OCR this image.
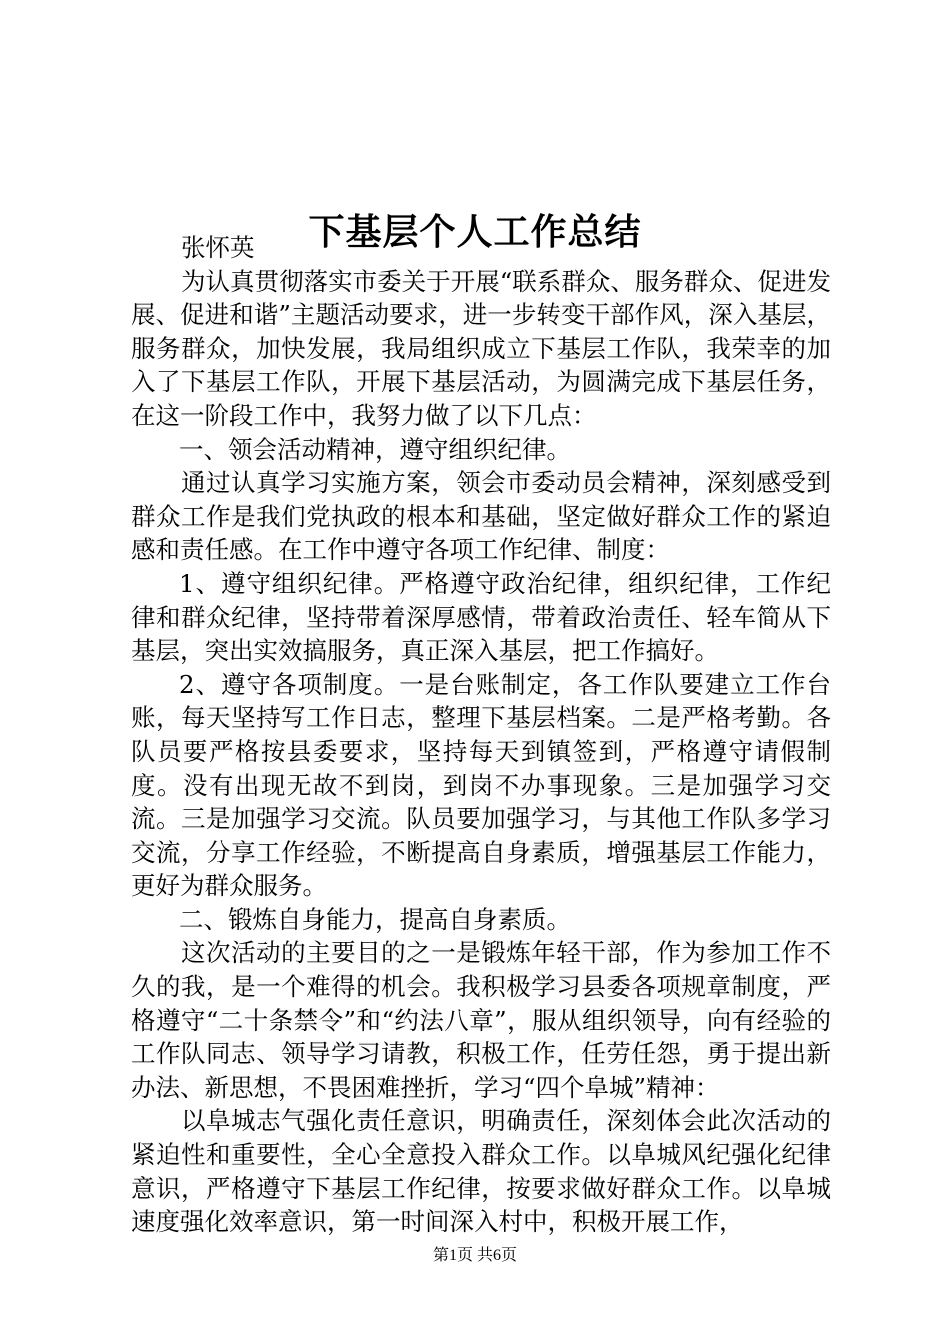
下基层个人工作总结

张怀英

为认真贯彻落实市委关于开展“联系群众、服务群众、促进发展、促进和谐”主题活动要求，进一步转变干部作风，深入基层，服务群众，加快发展，我局组织成立下基层工作队，我荣幸的加入了下基层工作队，开展下基层活动，为圆满完成下基层任务，在这一阶段工作中，我努力做了以下几点：

一、领会活动精神，遵守组织纪律。

通过认真学习实施方案，领会市委动员会精神，深刻感受到群众工作是我们党执政的根本和基础，坚定做好群众工作的紧迫感和责任感。在工作中遵守各项工作纪律、制度：

1、遵守组织纪律。严格遵守政治纪律，组织纪律，工作纪律和群众纪律，坚持带着深厚感情，带着政治责任、轻车简从下基层，突出实效搞服务，真正深入基层，把工作搞好。

2、遵守各项制度。一是台账制定，各工作队要建立工作台账，每天坚持写工作日志，整理下基层档案。二是严格考勤。各队员要严格按县委要求，坚持每天到镇签到，严格遵守请假制度。没有出现无故不到岗，到岗不办事现象。三是加强学习交流。三是加强学习交流。队员要加强学习，与其他工作队多学习交流，分享工作经验，不断提高自身素质，增强基层工作能力，更好为群众服务。

二、锻炼自身能力，提高自身素质。

这次活动的主要目的之一是锻炼年轻干部，作为参加工作不久的我，是一个难得的机会。我积极学习县委各项规章制度，严格遵守“二十条禁令”和“约法八章”，服从组织领导，向有经验的工作队同志、领导学习请教，积极工作，任劳任怨，勇于提出新办法、新思想，不畏困难挫折，学习“四个阜城”精神：

以阜城志气强化责任意识，明确责任，深刻体会此次活动的紧迫性和重要性，全心全意投入群众工作。以阜城风纪强化纪律意识，严格遵守下基层工作纪律，按要求做好群众工作。以阜城速度强化效率意识，第一时间深入村中，积极开展工作，

第1页 共6页
